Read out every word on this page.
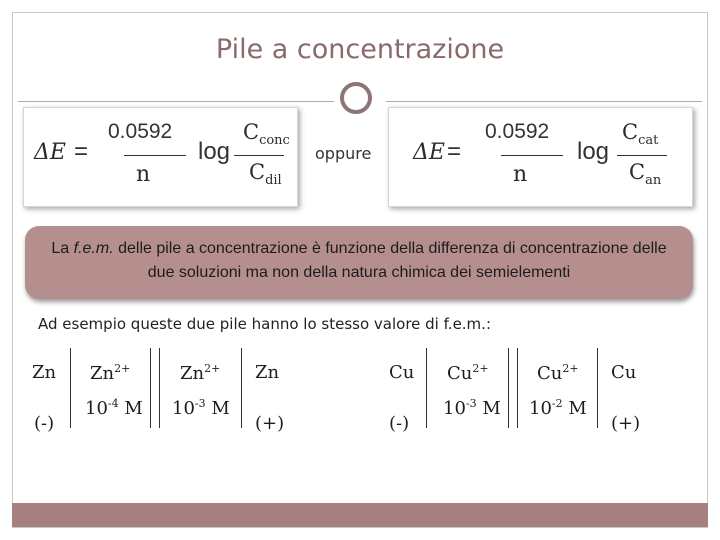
Pile a concentrazione
ΔE =
0.0592
n
log
$C_{conc}$
$C_{dil}$
oppure ΔE =
0.0592
n
log
$C_{cat}$
$C_{an}$
La f.e.m. delle pile a concentrazione è funzione della differenza di concentrazione delle
due soluzioni ma non della natura chimica dei semielementi
Ad esempio queste due pile hanno lo stesso valore di f.e.m.:
Zn
(-)
$Zn^{2+}$
$10^{-4}$ M
$Zn^{2+}$
$10^{-3}$ M
Zn
(+)
Cu
(-)
$Cu^{2+}$
$10^{-3}$ M
$Cu^{2+}$
$10^{-2}$ M
Cu
(+)
